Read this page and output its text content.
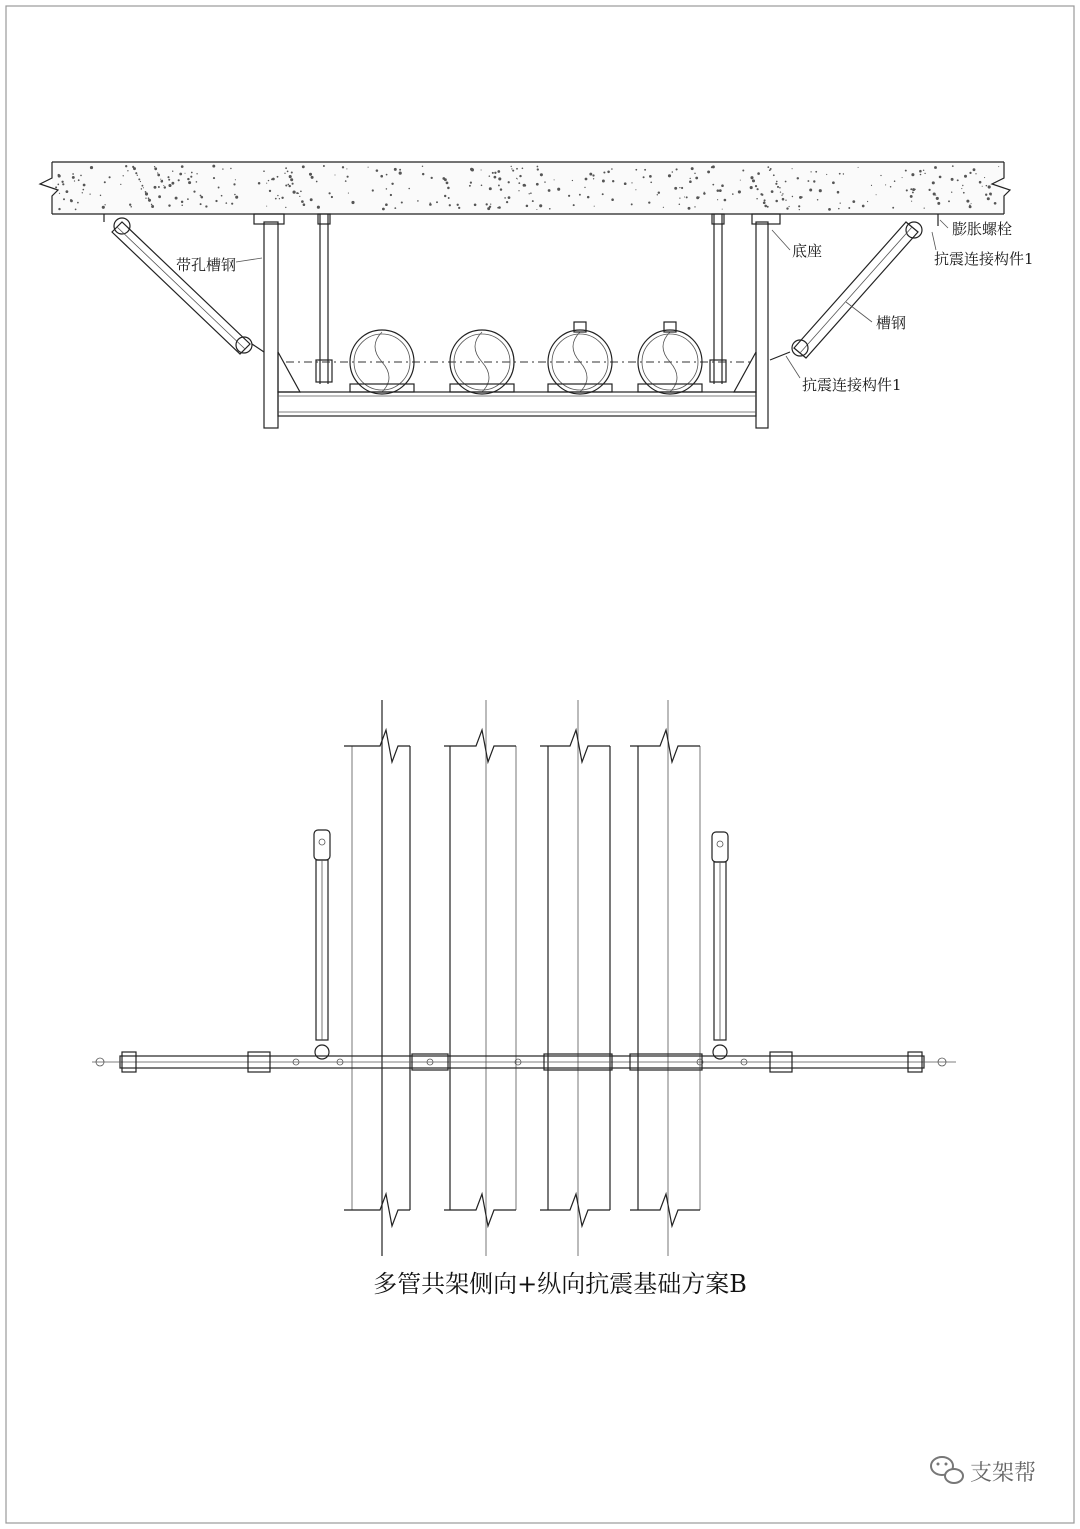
带孔槽钢
底座
膨胀螺栓
抗震连接构件1
槽钢
抗震连接构件1
多管共架侧向+纵向抗震基础方案B
支架帮
